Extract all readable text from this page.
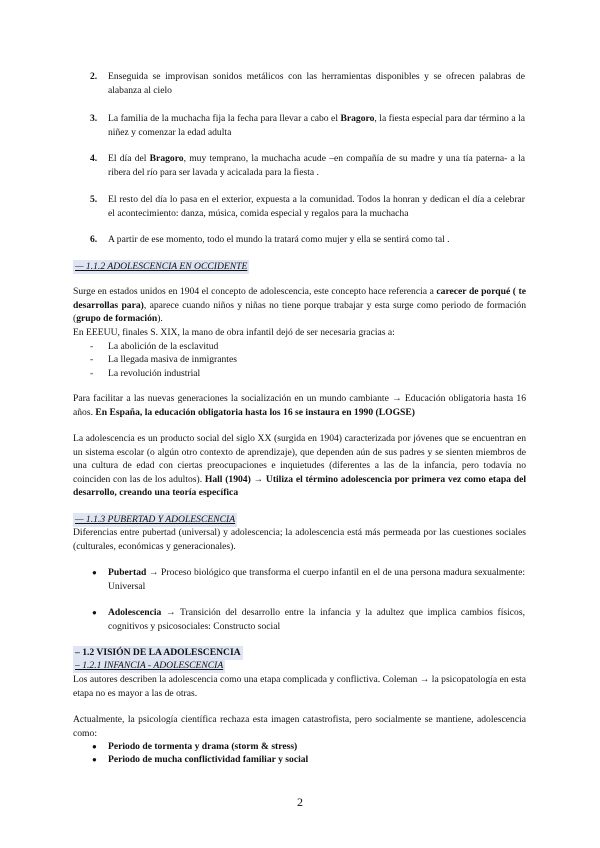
2. Enseguida se improvisan sonidos metálicos con las herramientas disponibles y se ofrecen palabras de alabanza al cielo
3. La familia de la muchacha fija la fecha para llevar a cabo el Bragoro, la fiesta especial para dar término a la niñez y comenzar la edad adulta
4. El día del Bragoro, muy temprano, la muchacha acude –en compañía de su madre y una tía paterna- a la ribera del río para ser lavada y acicalada para la fiesta .
5. El resto del día lo pasa en el exterior, expuesta a la comunidad. Todos la honran y dedican el día a celebrar el acontecimiento: danza, música, comida especial y regalos para la muchacha
6. A partir de ese momento, todo el mundo la tratará como mujer y ella se sentirá como tal .
— 1.1.2 ADOLESCENCIA EN OCCIDENTE
Surge en estados unidos en 1904 el concepto de adolescencia, este concepto hace referencia a carecer de porqué ( te desarrollas para), aparece cuando niños y niñas no tiene porque trabajar y esta surge como periodo de formación (grupo de formación).
En EEEUU, finales S. XIX, la mano de obra infantil dejó de ser necesaria gracias a:
- La abolición de la esclavitud
- La llegada masiva de inmigrantes
- La revolución industrial
Para facilitar a las nuevas generaciones la socialización en un mundo cambiante → Educación obligatoria hasta 16 años. En España, la educación obligatoria hasta los 16 se instaura en 1990 (LOGSE)
La adolescencia es un producto social del siglo XX (surgida en 1904) caracterizada por jóvenes que se encuentran en un sistema escolar (o algún otro contexto de aprendizaje), que dependen aún de sus padres y se sienten miembros de una cultura de edad con ciertas preocupaciones e inquietudes (diferentes a las de la infancia, pero todavía no coinciden con las de los adultos). Hall (1904) → Utiliza el término adolescencia por primera vez como etapa del desarrollo, creando una teoría específica
— 1.1.3 PUBERTAD Y ADOLESCENCIA
Diferencias entre pubertad (universal) y adolescencia; la adolescencia está más permeada por las cuestiones sociales (culturales, económicas y generacionales).
● Pubertad → Proceso biológico que transforma el cuerpo infantil en el de una persona madura sexualmente: Universal
● Adolescencia → Transición del desarrollo entre la infancia y la adultez que implica cambios físicos, cognitivos y psicosociales: Constructo social
– 1.2 VISIÓN DE LA ADOLESCENCIA
– 1.2.1 INFANCIA - ADOLESCENCIA
Los autores describen la adolescencia como una etapa complicada y conflictiva. Coleman → la psicopatología en esta etapa no es mayor a las de otras.
Actualmente, la psicología científica rechaza esta imagen catastrofista, pero socialmente se mantiene, adolescencia como:
● Periodo de tormenta y drama (storm & stress)
● Periodo de mucha conflictividad familiar y social
2
